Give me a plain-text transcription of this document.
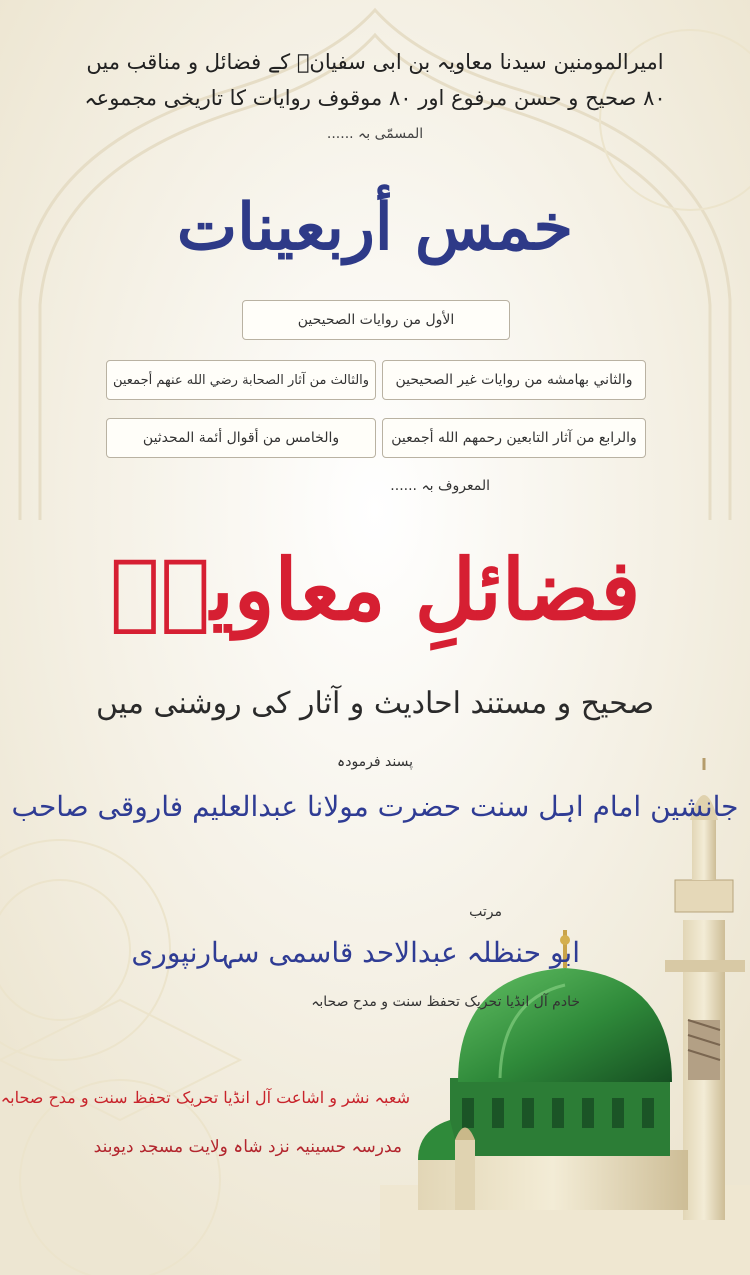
امیرالمومنین سیدنا معاویہ بن ابی سفیانؓ کے فضائل و مناقب میں
۸۰ صحیح و حسن مرفوع اور ۸۰ موقوف روایات کا تاریخی مجموعہ
المسمّی بہ ......
خمس أربعينات
الأول من روايات الصحيحين
والثاني بهامشه من روايات غير الصحيحين
والثالث من آثار الصحابة رضي الله عنهم أجمعين
والرابع من آثار التابعين رحمهم الله أجمعين
والخامس من أقوال أئمة المحدثين
المعروف بہ ......
فضائلِ معاویہؓ
صحیح و مستند احادیث و آثار کی روشنی میں
پسند فرمودہ
جانشین امام اہل سنت حضرت مولانا عبدالعلیم فاروقی صاحب
مرتب
ابو حنظلہ عبدالاحد قاسمی سہارنپوری
خادم آل انڈیا تحریک تحفظ سنت و مدح صحابہ
شعبہ نشر و اشاعت آل انڈیا تحریک تحفظ سنت و مدح صحابہ
مدرسہ حسینیہ نزد شاہ ولایت مسجد دیوبند
